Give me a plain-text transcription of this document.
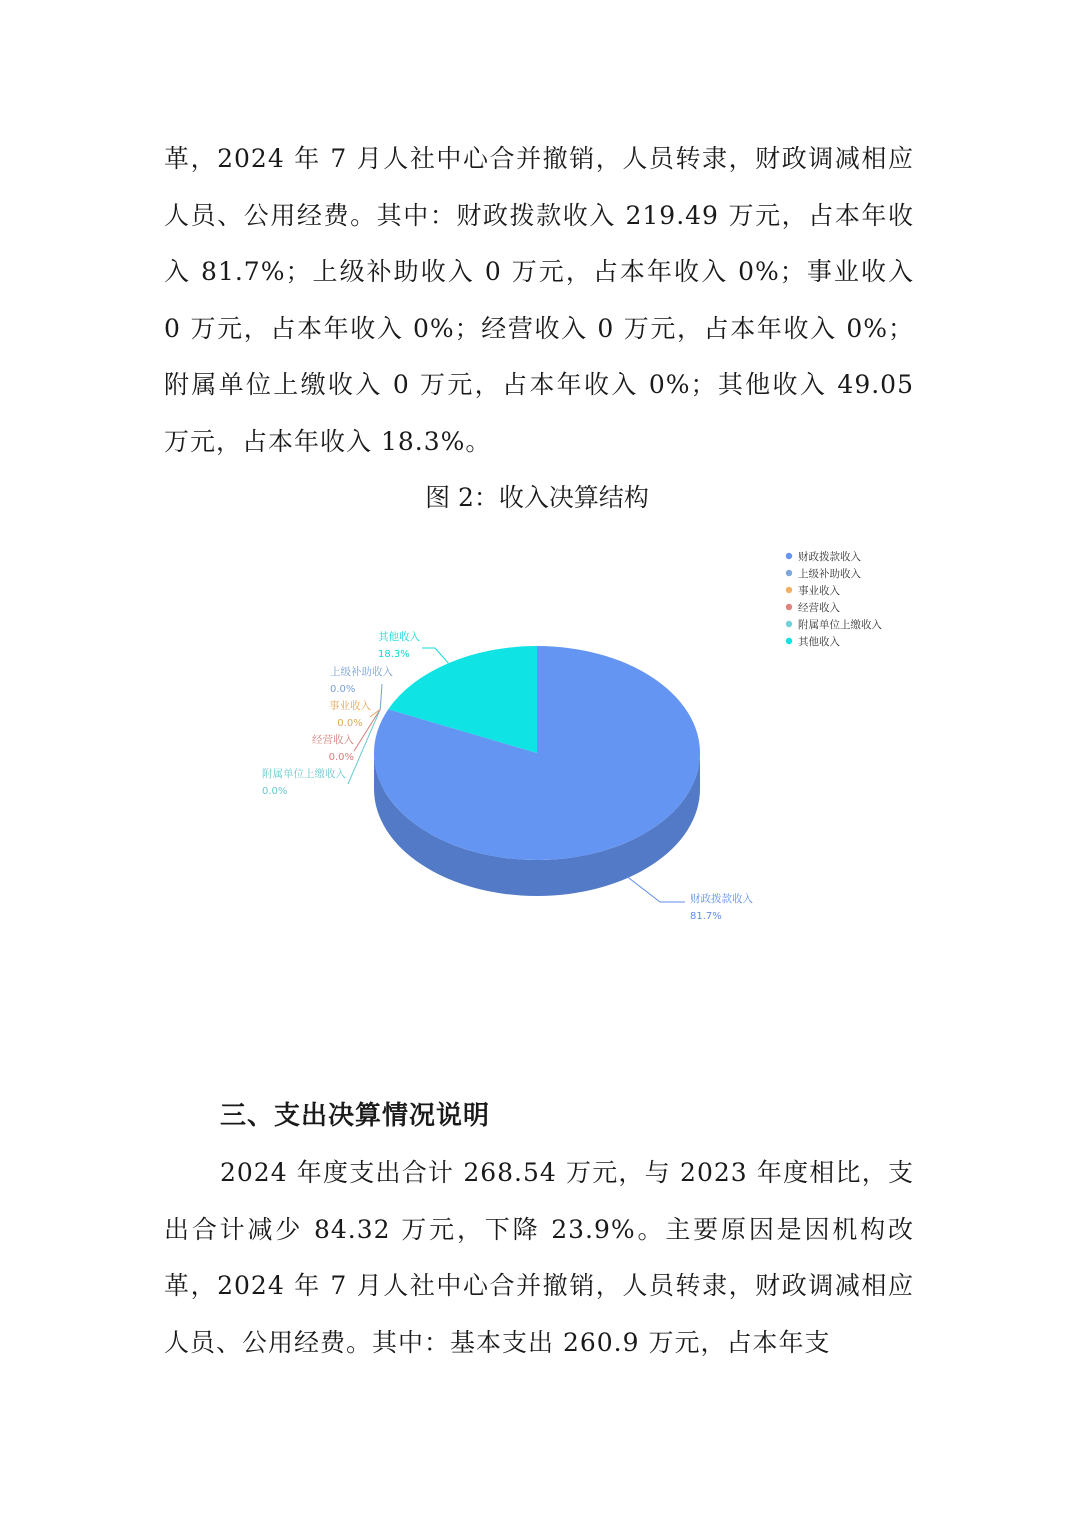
革，2024 年 7 月人社中心合并撤销，人员转隶，财政调减相应人员、公用经费。其中：财政拨款收入 219.49 万元，占本年收入 81.7%；上级补助收入 0 万元，占本年收入 0%；事业收入 0 万元，占本年收入 0%；经营收入 0 万元，占本年收入 0%；附属单位上缴收入 0 万元，占本年收入 0%；其他收入 49.05 万元，占本年收入 18.3%。

图 2：收入决算结构

财政拨款收入
81.7%
上级补助收入
0.0%
事业收入
0.0%
经营收入
0.0%
附属单位上缴收入
0.0%
其他收入
18.3%
财政拨款收入
上级补助收入
事业收入
经营收入
附属单位上缴收入
其他收入
三、支出决算情况说明

2024 年度支出合计 268.54 万元，与 2023 年度相比，支出合计减少 84.32 万元，下降 23.9%。主要原因是因机构改革，2024 年 7 月人社中心合并撤销，人员转隶，财政调减相应人员、公用经费。其中：基本支出 260.9 万元，占本年支
